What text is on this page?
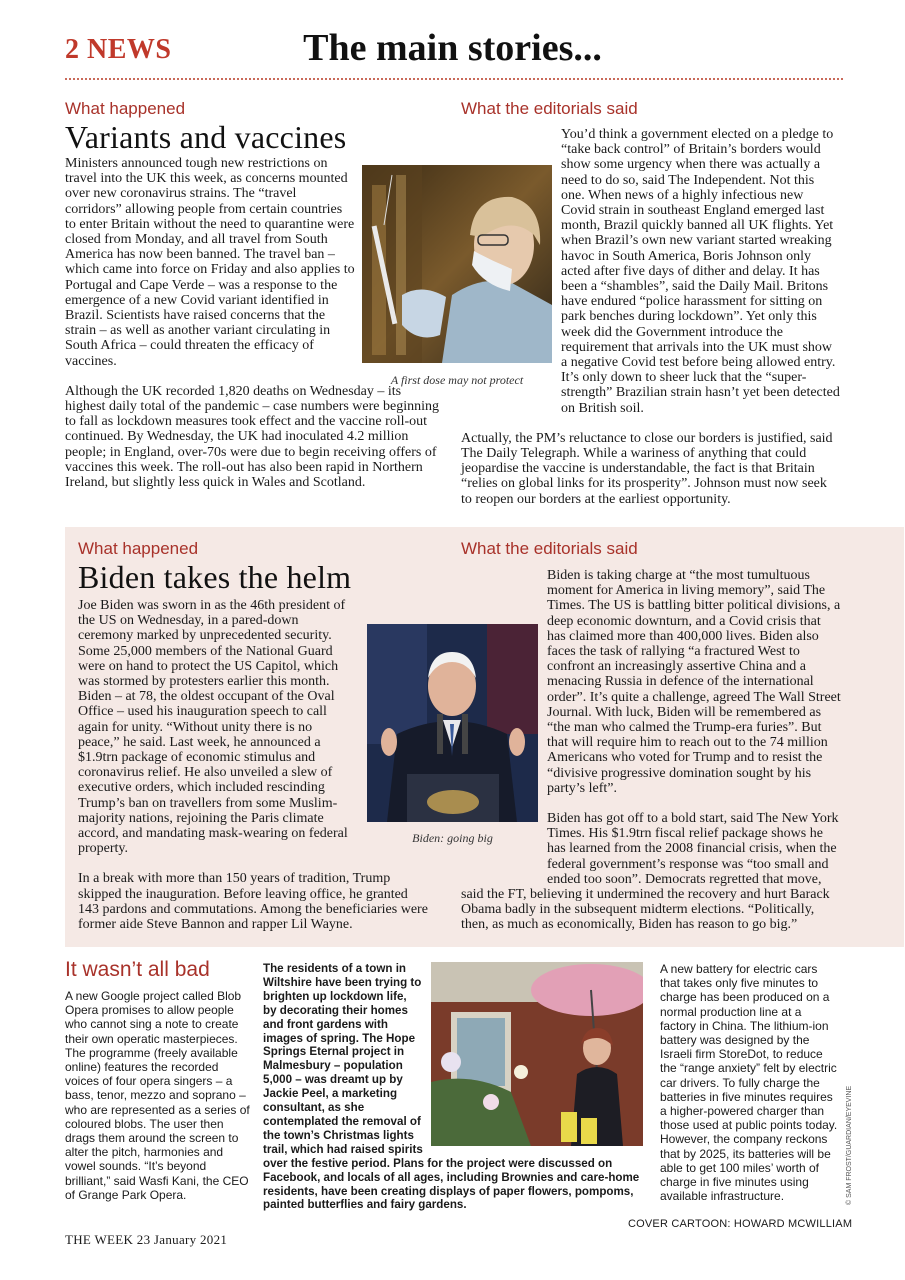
2 NEWS	The main stories...
What happened
Variants and vaccines

Ministers announced tough new restrictions on travel into the UK this week, as concerns mounted over new coronavirus strains. The “travel corridors” allowing people from certain countries to enter Britain without the need to quarantine were closed from Monday, and all travel from South America has now been banned. The travel ban – which came into force on Friday and also applies to Portugal and Cape Verde – was a response to the emergence of a new Covid variant identified in Brazil. Scientists have raised concerns that the strain – as well as another variant circulating in South Africa – could threaten the efficacy of vaccines.

Although the UK recorded 1,820 deaths on Wednesday – its highest daily total of the pandemic – case numbers were beginning to fall as lockdown measures took effect and the vaccine roll-out continued. By Wednesday, the UK had inoculated 4.2 million people; in England, over-70s were due to begin receiving offers of vaccines this week. The roll-out has also been rapid in Northern Ireland, but slightly less quick in Wales and Scotland.

A first dose may not protect
What the editorials said

You’d think a government elected on a pledge to “take back control” of Britain’s borders would show some urgency when there was actually a need to do so, said The Independent. Not this one. When news of a highly infectious new Covid strain in southeast England emerged last month, Brazil quickly banned all UK flights. Yet when Brazil’s own new variant started wreaking havoc in South America, Boris Johnson only acted after five days of dither and delay. It has been a “shambles”, said the Daily Mail. Britons have endured “police harassment for sitting on park benches during lockdown”. Yet only this week did the Government introduce the requirement that arrivals into the UK must show a negative Covid test before being allowed entry. It’s only down to sheer luck that the “super-strength” Brazilian strain hasn’t yet been detected on British soil.

Actually, the PM’s reluctance to close our borders is justified, said The Daily Telegraph. While a wariness of anything that could jeopardise the vaccine is understandable, the fact is that Britain “relies on global links for its prosperity”. Johnson must now seek to reopen our borders at the earliest opportunity.

What happened
Biden takes the helm

Joe Biden was sworn in as the 46th president of the US on Wednesday, in a pared-down ceremony marked by unprecedented security. Some 25,000 members of the National Guard were on hand to protect the US Capitol, which was stormed by protesters earlier this month. Biden – at 78, the oldest occupant of the Oval Office – used his inauguration speech to call again for unity. “Without unity there is no peace,” he said. Last week, he announced a $1.9trn package of economic stimulus and coronavirus relief. He also unveiled a slew of executive orders, which included rescinding Trump’s ban on travellers from some Muslim-majority nations, rejoining the Paris climate accord, and mandating mask-wearing on federal property.

In a break with more than 150 years of tradition, Trump skipped the inauguration. Before leaving office, he granted 143 pardons and commutations. Among the beneficiaries were former aide Steve Bannon and rapper Lil Wayne.

Biden: going big
What the editorials said

Biden is taking charge at “the most tumultuous moment for America in living memory”, said The Times. The US is battling bitter political divisions, a deep economic downturn, and a Covid crisis that has claimed more than 400,000 lives. Biden also faces the task of rallying “a fractured West to confront an increasingly assertive China and a menacing Russia in defence of the international order”. It’s quite a challenge, agreed The Wall Street Journal. With luck, Biden will be remembered as “the man who calmed the Trump-era furies”. But that will require him to reach out to the 74 million Americans who voted for Trump and to resist the “divisive progressive domination sought by his party’s left”.

Biden has got off to a bold start, said The New York Times. His $1.9trn fiscal relief package shows he has learned from the 2008 financial crisis, when the federal government’s response was “too small and ended too soon”. Democrats regretted that move, said the FT, believing it undermined the recovery and hurt Barack Obama badly in the subsequent midterm elections. “Politically, then, as much as economically, Biden has reason to go big.”

It wasn’t all bad
A new Google project called Blob Opera promises to allow people who cannot sing a note to create their own operatic masterpieces. The programme (freely available online) features the recorded voices of four opera singers – a bass, tenor, mezzo and soprano – who are represented as a series of coloured blobs. The user then drags them around the screen to alter the pitch, harmonies and vowel sounds. “It’s beyond brilliant,” said Wasfi Kani, the CEO of Grange Park Opera.
The residents of a town in Wiltshire have been trying to brighten up lockdown life, by decorating their homes and front gardens with images of spring. The Hope Springs Eternal project in Malmesbury – population 5,000 – was dreamt up by Jackie Peel, a marketing consultant, as she contemplated the removal of the town’s Christmas lights trail, which had raised spirits over the festive period. Plans for the project were discussed on Facebook, and locals of all ages, including Brownies and care-home residents, have been creating displays of paper flowers, pompoms, painted butterflies and fairy gardens.
A new battery for electric cars that takes only five minutes to charge has been produced on a normal production line at a factory in China. The lithium-ion battery was designed by the Israeli firm StoreDot, to reduce the “range anxiety” felt by electric car drivers. To fully charge the batteries in five minutes requires a higher-powered charger than those used at public points today. However, the company reckons that by 2025, its batteries will be able to get 100 miles’ worth of charge in five minutes using available infrastructure.	© SAM FROST/GUARDIAN/EYEVINE
COVER CARTOON: HOWARD MCWILLIAM
THE WEEK 23 January 2021
